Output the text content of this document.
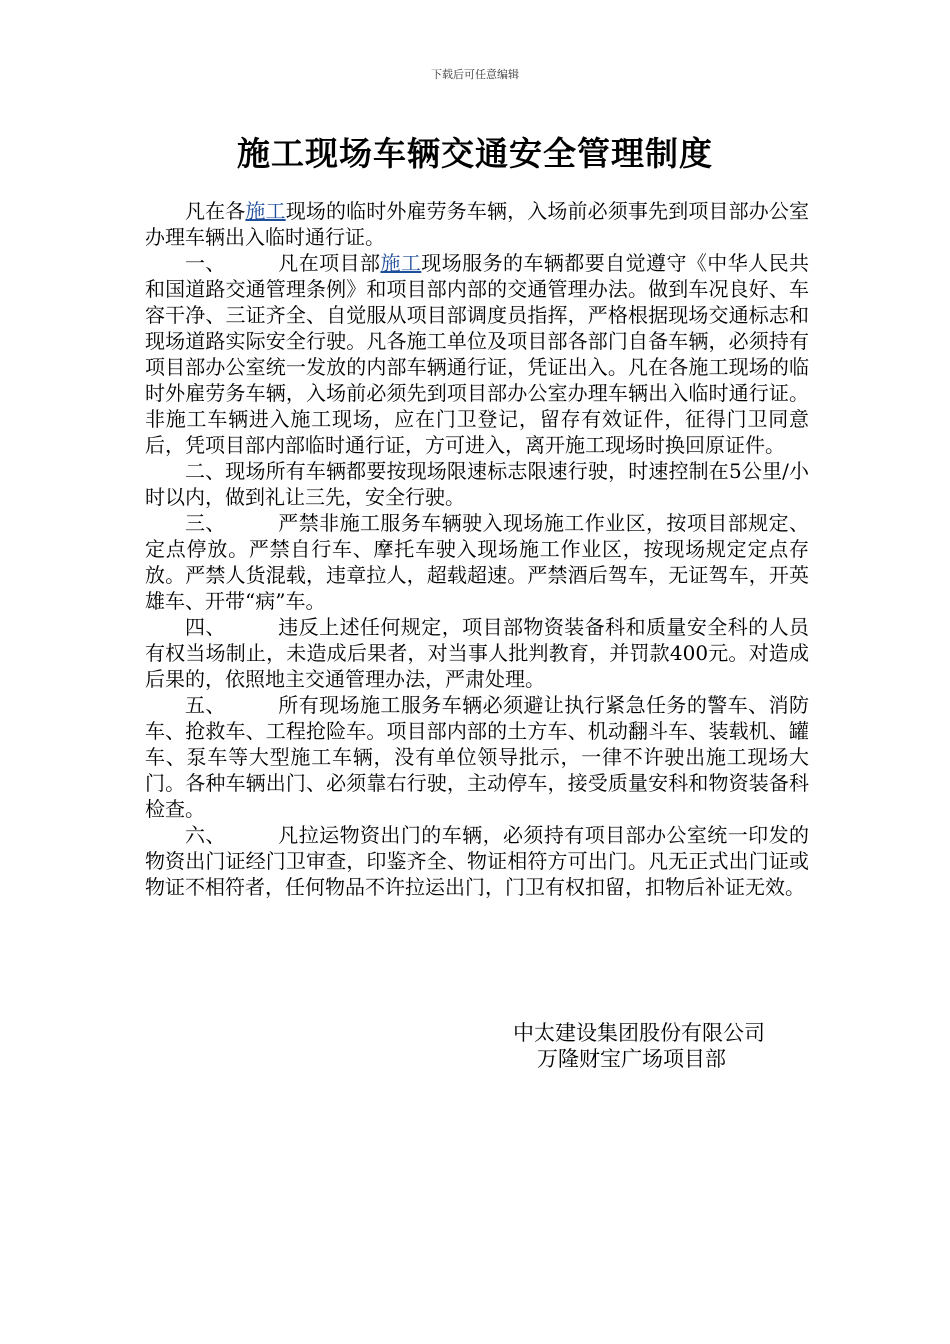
下载后可任意编辑
施工现场车辆交通安全管理制度

凡在各施工现场的临时外雇劳务车辆，入场前必须事先到项目部办公室办理车辆出入临时通行证。

一、	凡在项目部施工现场服务的车辆都要自觉遵守《中华人民共和国道路交通管理条例》和项目部内部的交通管理办法。做到车况良好、车容干净、三证齐全、自觉服从项目部调度员指挥，严格根据现场交通标志和现场道路实际安全行驶。凡各施工单位及项目部各部门自备车辆，必须持有项目部办公室统一发放的内部车辆通行证，凭证出入。凡在各施工现场的临时外雇劳务车辆，入场前必须先到项目部办公室办理车辆出入临时通行证。非施工车辆进入施工现场，应在门卫登记，留存有效证件，征得门卫同意后，凭项目部内部临时通行证，方可进入，离开施工现场时换回原证件。

二、现场所有车辆都要按现场限速标志限速行驶，时速控制在5公里/小时以内，做到礼让三先，安全行驶。

三、	严禁非施工服务车辆驶入现场施工作业区，按项目部规定、定点停放。严禁自行车、摩托车驶入现场施工作业区，按现场规定定点存放。严禁人货混载，违章拉人，超载超速。严禁酒后驾车，无证驾车，开英雄车、开带“病”车。

四、	违反上述任何规定，项目部物资装备科和质量安全科的人员有权当场制止，未造成后果者，对当事人批判教育，并罚款400元。对造成后果的，依照地主交通管理办法，严肃处理。

五、	所有现场施工服务车辆必须避让执行紧急任务的警车、消防车、抢救车、工程抢险车。项目部内部的土方车、机动翻斗车、装载机、罐车、泵车等大型施工车辆，没有单位领导批示，一律不许驶出施工现场大门。各种车辆出门、必须靠右行驶，主动停车，接受质量安科和物资装备科检查。

六、	凡拉运物资出门的车辆，必须持有项目部办公室统一印发的物资出门证经门卫审查，印鉴齐全、物证相符方可出门。凡无正式出门证或物证不相符者，任何物品不许拉运出门，门卫有权扣留，扣物后补证无效。

中太建设集团股份有限公司
万隆财宝广场项目部
